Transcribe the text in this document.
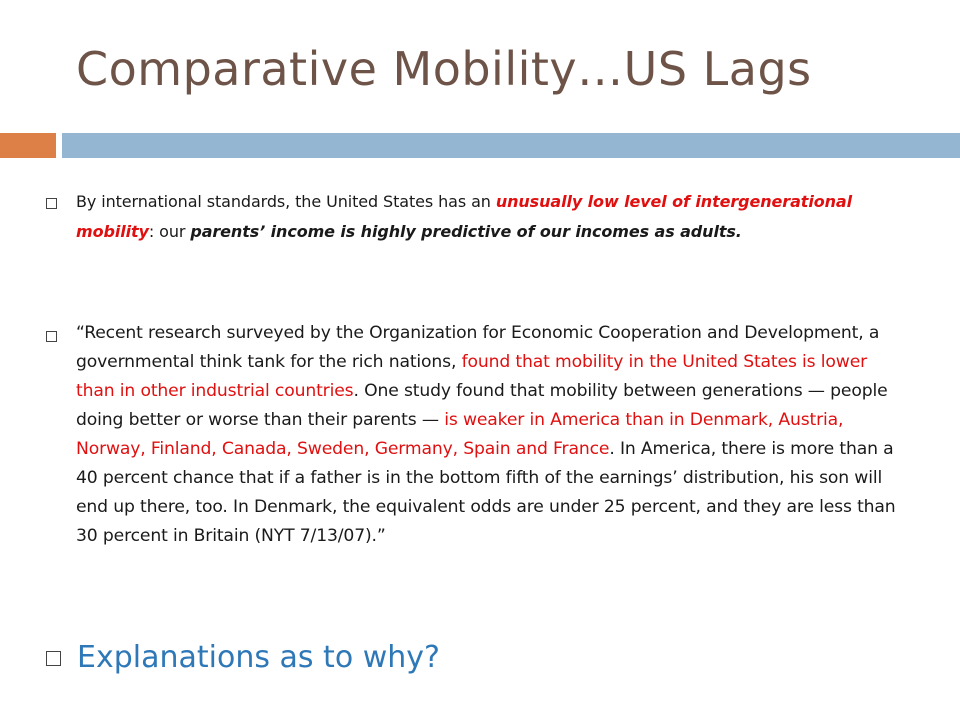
Comparative Mobility…US Lags
By international standards, the United States has an unusually low level of intergenerational mobility: our parents’ income is highly predictive of our incomes as adults.
“Recent research surveyed by the Organization for Economic Cooperation and Development, a governmental think tank for the rich nations, found that mobility in the United States is lower than in other industrial countries. One study found that mobility between generations — people doing better or worse than their parents — is weaker in America than in Denmark, Austria, Norway, Finland, Canada, Sweden, Germany, Spain and France. In America, there is more than a 40 percent chance that if a father is in the bottom fifth of the earnings’ distribution, his son will end up there, too. In Denmark, the equivalent odds are under 25 percent, and they are less than 30 percent in Britain (NYT 7/13/07).”
Explanations as to why?
